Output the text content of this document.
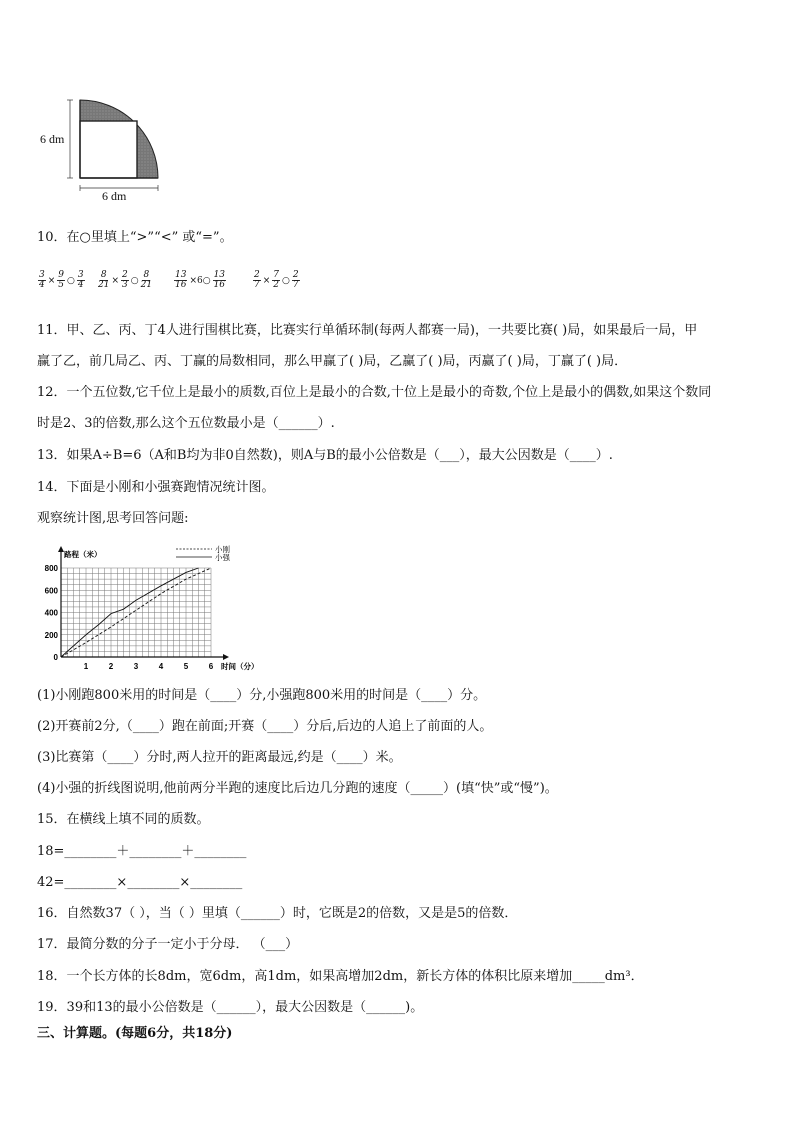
6 dm
6 dm
10．在○里填上“>”“<” 或“=”。
$\frac{3}{4} \times \frac{9}{5}$ ○ $\frac{3}{4} \frac{8}{21} \times \frac{2}{3}$ ○ $\frac{8}{21} \frac{13}{16}$ ×6○ $\frac{13}{16}$	$\frac{2}{7} \times \frac{7}{2}$ ○ $\frac{2}{7}$
11．甲、乙、丙、丁4人进行围棋比赛，比赛实行单循环制(每两人都赛一局)，一共要比赛( )局，如果最后一局，甲
赢了乙，前几局乙、丙、丁赢的局数相同，那么甲赢了( )局，乙赢了( )局，丙赢了( )局，丁赢了( )局．
12．一个五位数,它千位上是最小的质数,百位上是最小的合数,十位上是最小的奇数,个位上是最小的偶数,如果这个数同
时是2、3的倍数,那么这个五位数最小是（______）.
13．如果A÷B=6（A和B均为非0自然数)，则A与B的最小公倍数是（___），最大公因数是（____）.
14．下面是小刚和小强赛跑情况统计图。
观察统计图,思考回答问题:
1	2	3	4	5	6
0
200
400
600
800
路程（米）
时间（分）
小刚
小强
(1)小刚跑800米用的时间是（____）分,小强跑800米用的时间是（____）分。
(2)开赛前2分,（____）跑在前面;开赛（____）分后,后边的人追上了前面的人。
(3)比赛第（____）分时,两人拉开的距离最远,约是（____）米。
(4)小强的折线图说明,他前两分半跑的速度比后边几分跑的速度（_____）(填“快”或“慢”)。
15．在横线上填不同的质数。
18=________＋________＋________
42=________×________×________
16．自然数37（ ），当（ ）里填（______）时，它既是2的倍数，又是是5的倍数．
17．最简分数的分子一定小于分母． （___）
18．一个长方体的长8dm，宽6dm，高1dm，如果高增加2dm，新长方体的体积比原来增加_____dm³．
19．39和13的最小公倍数是（______），最大公因数是（______)。
三、计算题。(每题6分，共18分)
